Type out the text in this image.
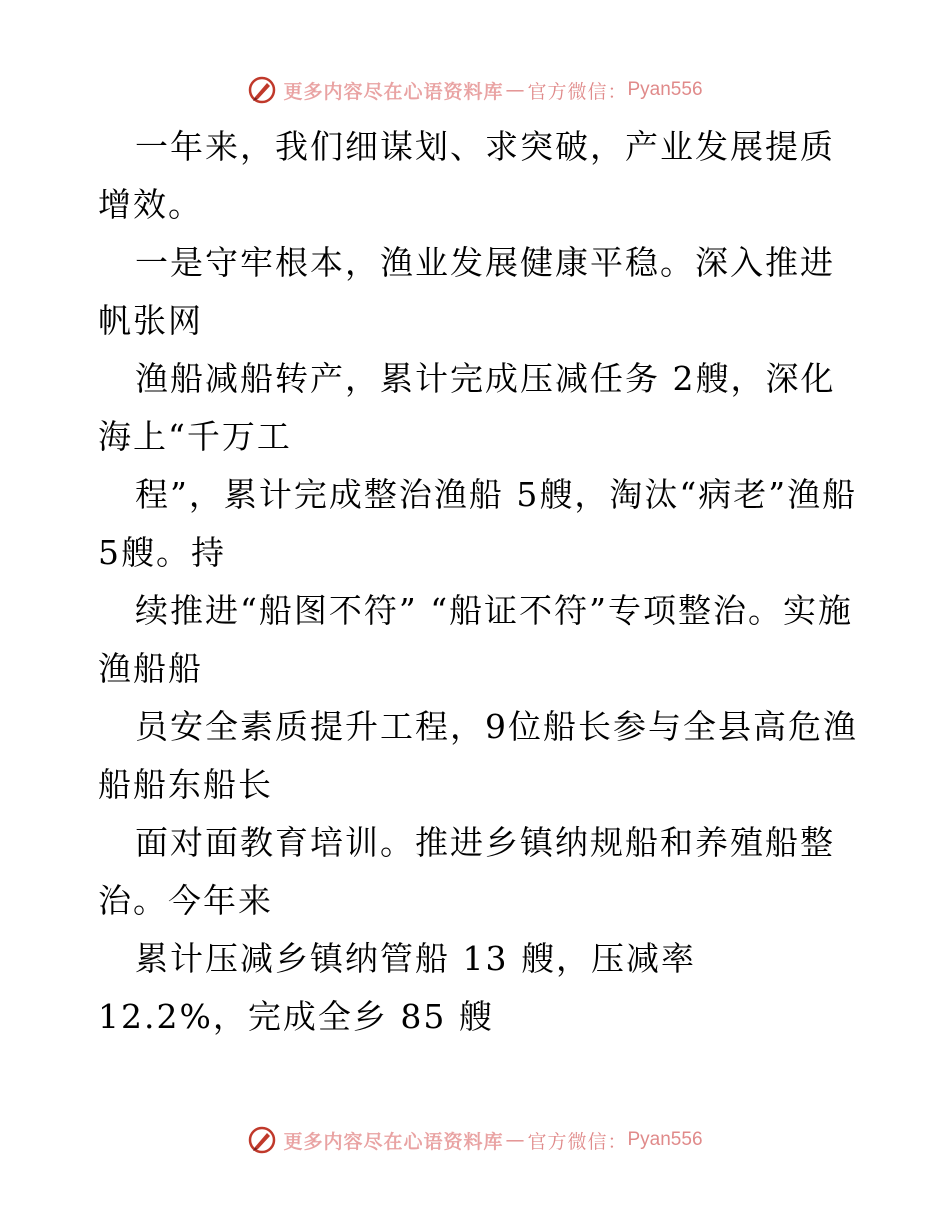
更多内容尽在心语资料库 — 官方微信： Pyan556

一年来，我们细谋划、求突破，产业发展提质增效。

一是守牢根本，渔业发展健康平稳。深入推进帆张网

渔船减船转产，累计完成压减任务 2艘，深化海上“千万工

程”，累计完成整治渔船 5艘，淘汰“病老”渔船 5艘。持

续推进“船图不符” “船证不符”专项整治。实施渔船船

员安全素质提升工程，9位船长参与全县高危渔船船东船长

面对面教育培训。推进乡镇纳规船和养殖船整治。今年来

累计压减乡镇纳管船 13 艘，压减率 12.2%，完成全乡 85 艘

更多内容尽在心语资料库 — 官方微信： Pyan556
